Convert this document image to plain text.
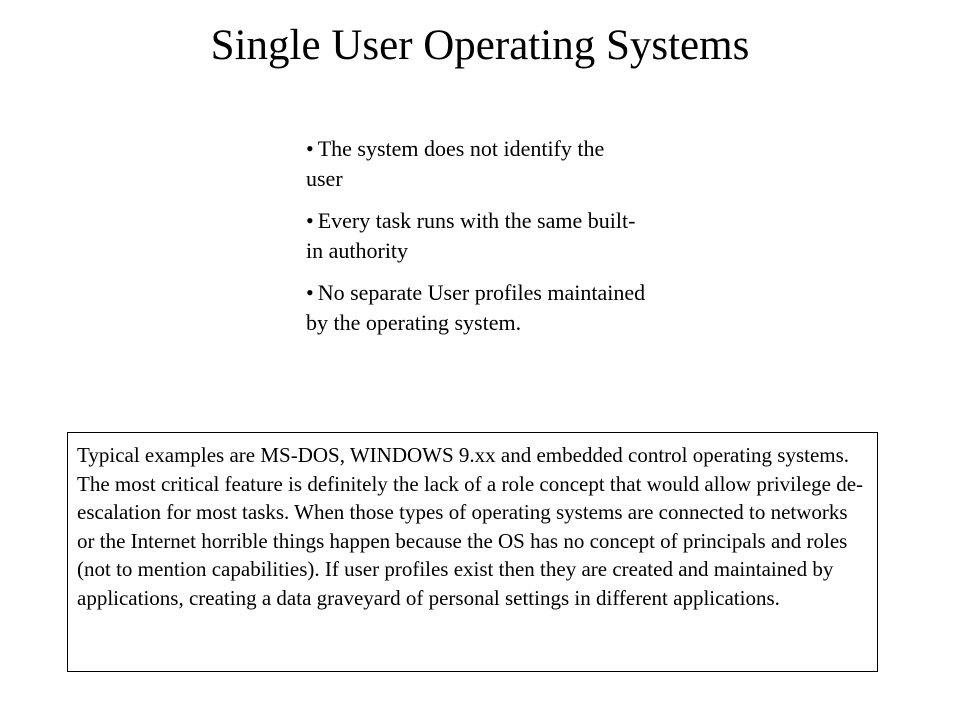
Single User Operating Systems
• The system does not identify the user
• Every task runs with the same built-in authority
• No separate User profiles maintained by the operating system.
Typical examples are MS-DOS, WINDOWS 9.xx and embedded control operating systems. The most critical feature is definitely the lack of a role concept that would allow privilege de-escalation for most tasks. When those types of operating systems are connected to networks or the Internet horrible things happen because the OS has no concept of principals and roles (not to mention capabilities). If user profiles exist then they are created and maintained by applications, creating a data graveyard of personal settings in different applications.
